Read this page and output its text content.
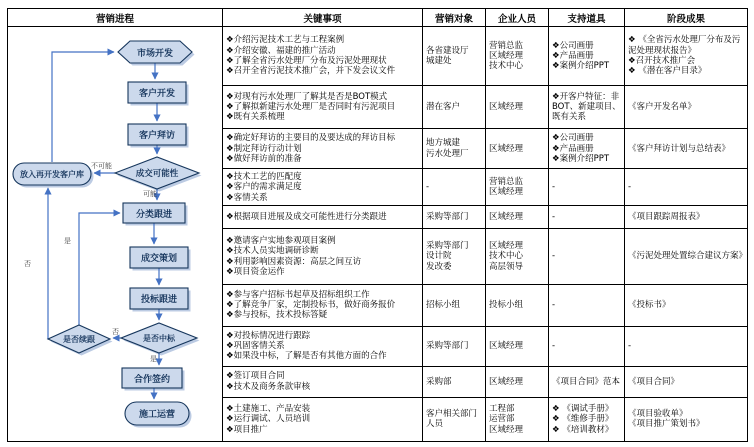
营销进程	关键事项	营销对象	企业人员	支持道具	阶段成果

市场开发
客户开发
客户拜访
成交可能性
放入再开发客户库
分类跟进
成交策划
投标跟进
是否中标
是否续跟
合作签约
施工运营
不可能
可能
是
否
是
否
	❖介绍污泥技术工艺与工程案例
❖介绍安徽、福建的推广活动
❖了解全省污水处理厂分布及污泥处理现状
❖召开全省污泥技术推广会，并下发会议文件	各省建设厅
城建处	营销总监
区域经理
技术中心	❖公司画册
❖产品画册
❖案例介绍PPT	❖ 《全省污水处理厂分布及污泥处理现状报告》
❖召开技术推广会
❖ 《潜在客户目录》
	❖对现有污水处理厂了解其是否是BOT模式
❖了解拟新建污水处理厂是否同时有污泥项目
❖既有关系梳理	潜在客户	区域经理	❖开客户特征：非BOT、新建项目、既有关系	《客户开发名单》
	❖确定好拜访的主要目的及要达成的拜访目标
❖制定拜访行动计划
❖做好拜访前的准备	地方城建
污水处理厂	区域经理	❖公司画册
❖产品画册
❖案例介绍PPT	《客户拜访计划与总结表》
	❖技术工艺的匹配度
❖客户的需求满足度
❖客情关系	-	营销总监
区域经理	-	-
	❖根据项目进展及成交可能性进行分类跟进	采购等部门	区域经理	-	《项目跟踪周报表》
	❖邀请客户实地参观项目案例
❖技术人员实地调研诊断
❖利用影响因素资源：高层之间互访
❖项目资金运作	采购等部门
设计院
发改委	区域经理
技术中心
高层领导	-	《污泥处理处置综合建议方案》
	❖参与客户招标书起草及招标组织工作
❖了解竞争厂家，定制投标书，做好商务报价
❖参与投标，技术投标答疑	招标小组	投标小组	-	《投标书》
	❖对投标情况进行跟踪
❖巩固客情关系
❖如果没中标，了解是否有其他方面的合作	采购等部门	区域经理	-	-
	❖签订项目合同
❖技术及商务条款审核	采购部	区域经理	《项目合同》范本	《项目合同》
	❖土建施工、产品安装
❖运行调试、人员培训
❖项目推广	客户相关部门人员	工程部
运营部
区域经理	❖ 《调试手册》
❖ 《维修手册》
❖ 《培训教材》	《项目验收单》
《项目推广策划书》
